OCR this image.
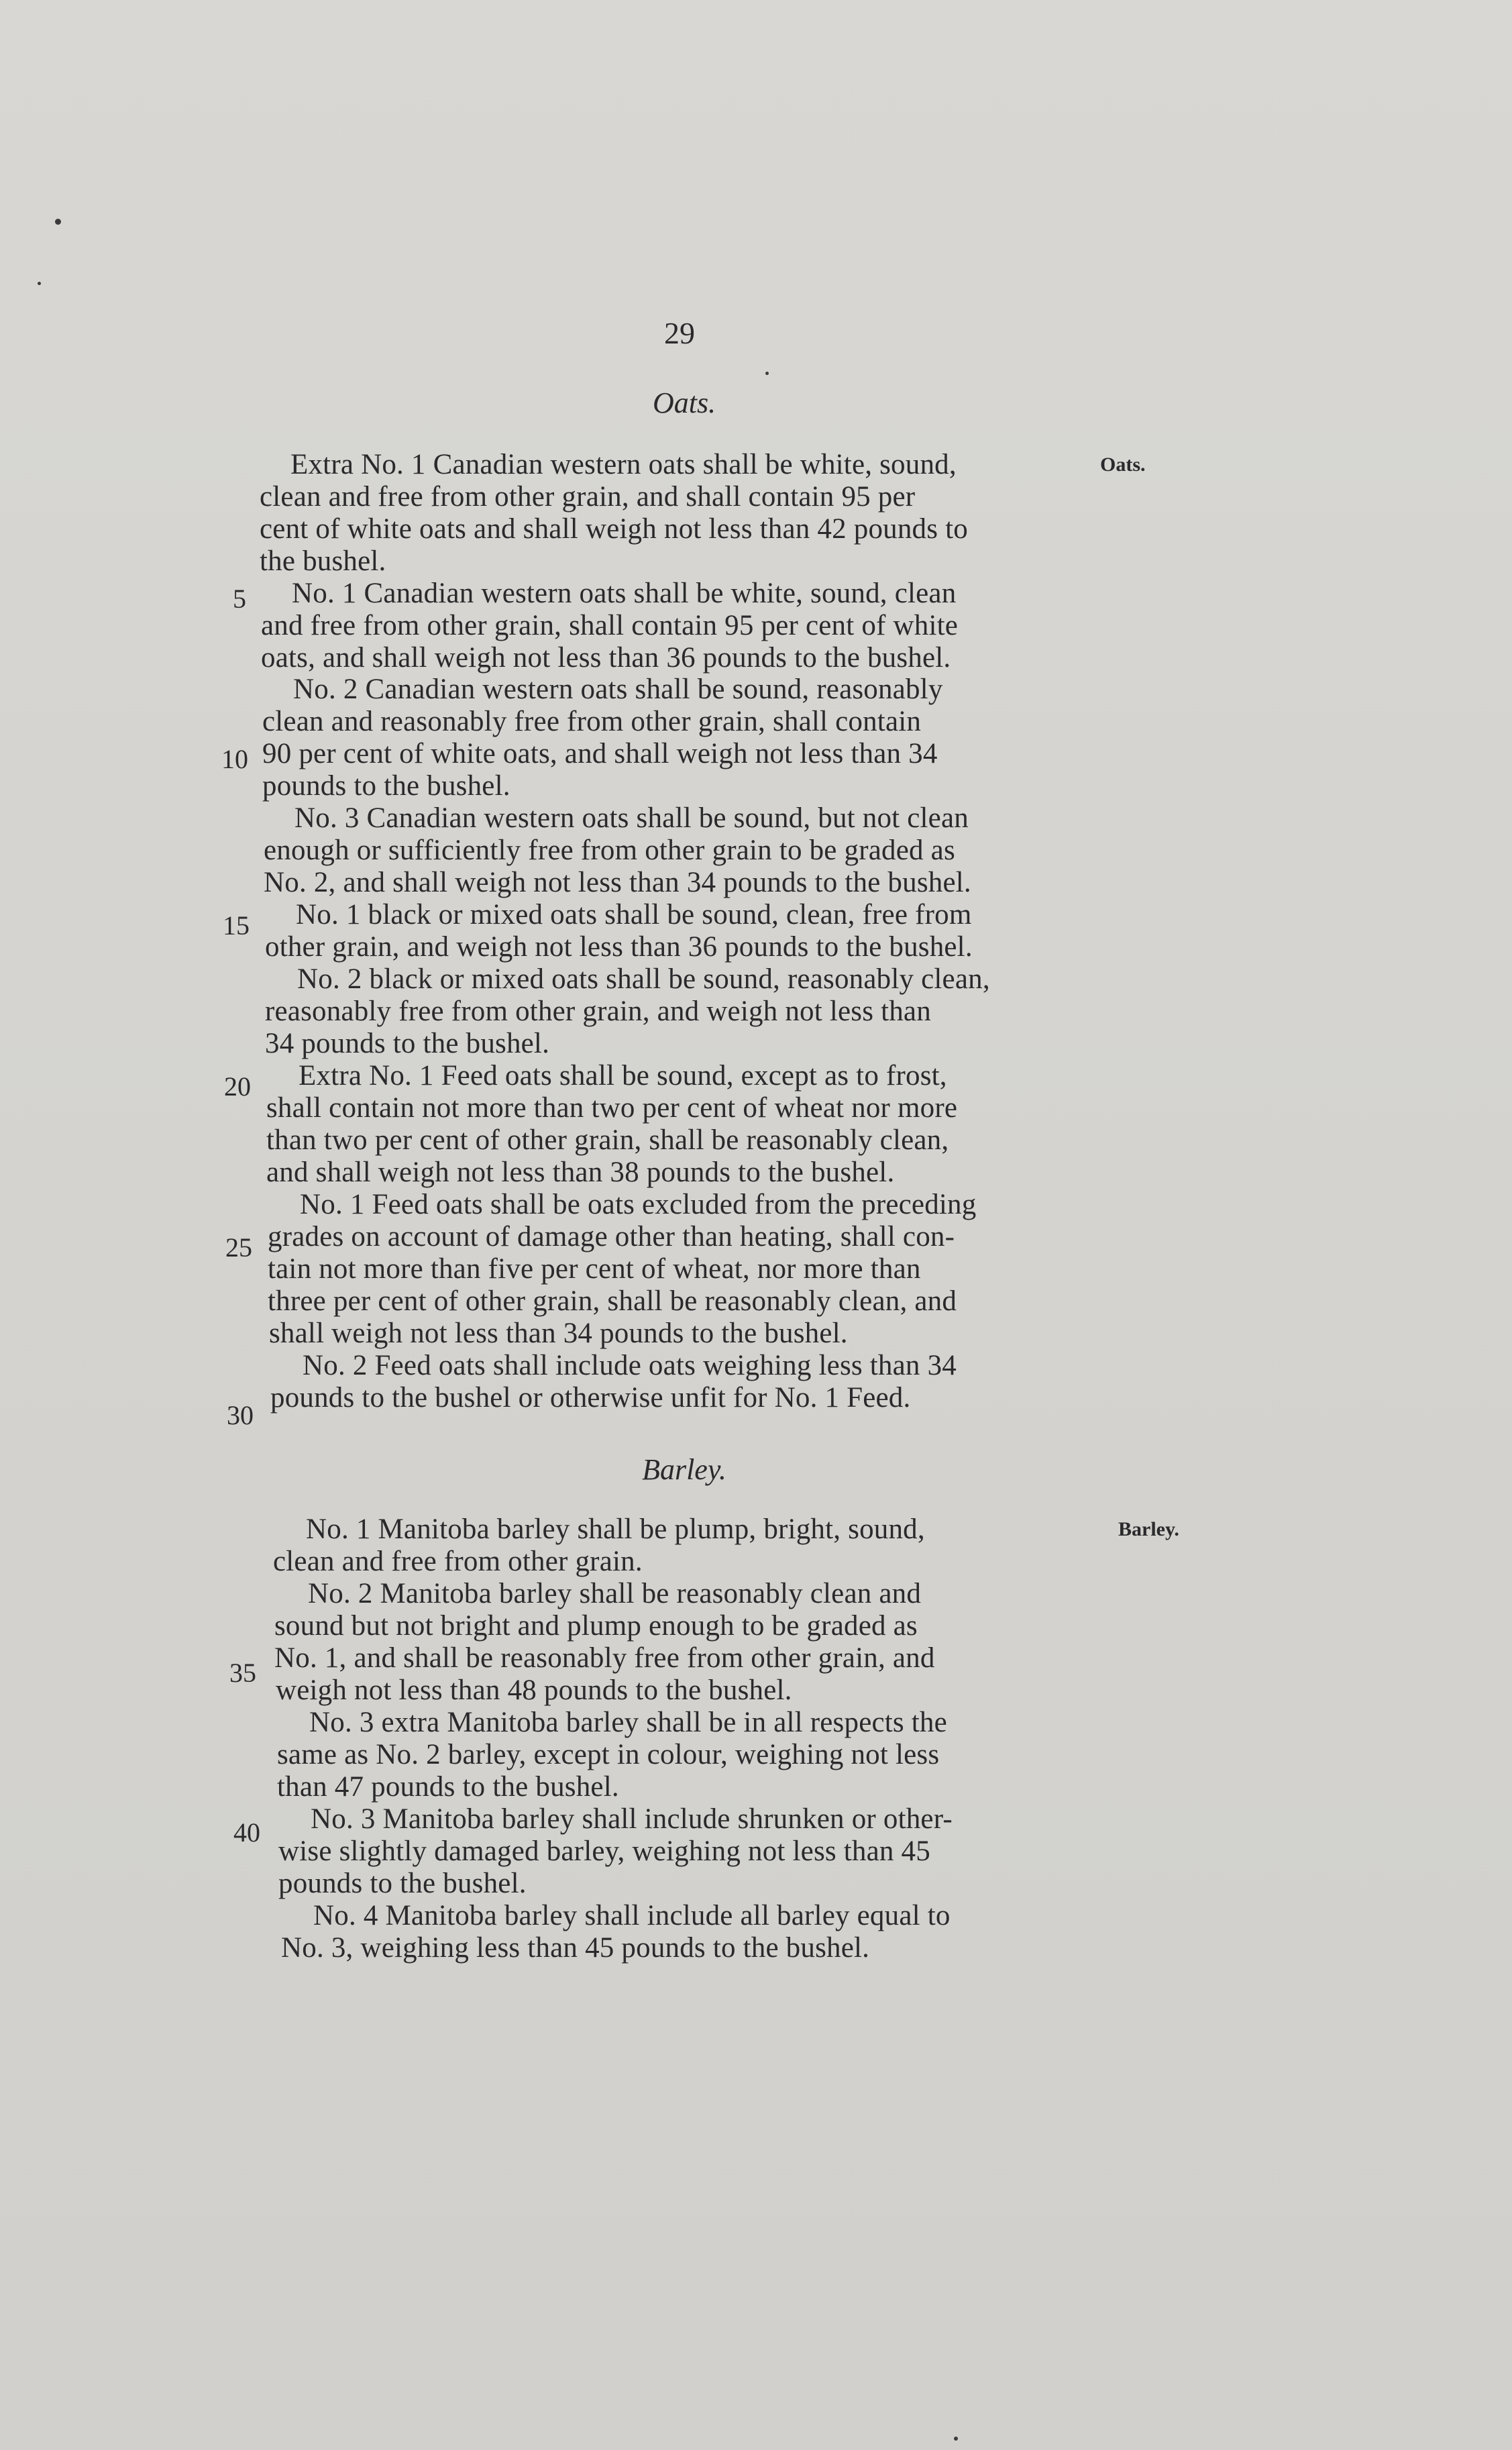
29
Oats.
Oats.
Extra No. 1 Canadian western oats shall be white, sound,
clean and free from other grain, and shall contain 95 per
cent of white oats and shall weigh not less than 42 pounds to
the bushel.
No. 1 Canadian western oats shall be white, sound, clean
and free from other grain, shall contain 95 per cent of white
oats, and shall weigh not less than 36 pounds to the bushel.
No. 2 Canadian western oats shall be sound, reasonably
clean and reasonably free from other grain, shall contain
90 per cent of white oats, and shall weigh not less than 34
pounds to the bushel.
No. 3 Canadian western oats shall be sound, but not clean
enough or sufficiently free from other grain to be graded as
No. 2, and shall weigh not less than 34 pounds to the bushel.
No. 1 black or mixed oats shall be sound, clean, free from
other grain, and weigh not less than 36 pounds to the bushel.
No. 2 black or mixed oats shall be sound, reasonably clean,
reasonably free from other grain, and weigh not less than
34 pounds to the bushel.
Extra No. 1 Feed oats shall be sound, except as to frost,
shall contain not more than two per cent of wheat nor more
than two per cent of other grain, shall be reasonably clean,
and shall weigh not less than 38 pounds to the bushel.
No. 1 Feed oats shall be oats excluded from the preceding
grades on account of damage other than heating, shall con-
tain not more than five per cent of wheat, nor more than
three per cent of other grain, shall be reasonably clean, and
shall weigh not less than 34 pounds to the bushel.
No. 2 Feed oats shall include oats weighing less than 34
pounds to the bushel or otherwise unfit for No. 1 Feed.
Barley.
Barley.
No. 1 Manitoba barley shall be plump, bright, sound,
clean and free from other grain.
No. 2 Manitoba barley shall be reasonably clean and
sound but not bright and plump enough to be graded as
No. 1, and shall be reasonably free from other grain, and
weigh not less than 48 pounds to the bushel.
No. 3 extra Manitoba barley shall be in all respects the
same as No. 2 barley, except in colour, weighing not less
than 47 pounds to the bushel.
No. 3 Manitoba barley shall include shrunken or other-
wise slightly damaged barley, weighing not less than 45
pounds to the bushel.
No. 4 Manitoba barley shall include all barley equal to
No. 3, weighing less than 45 pounds to the bushel.
5
10
15
20
25
30
35
40
